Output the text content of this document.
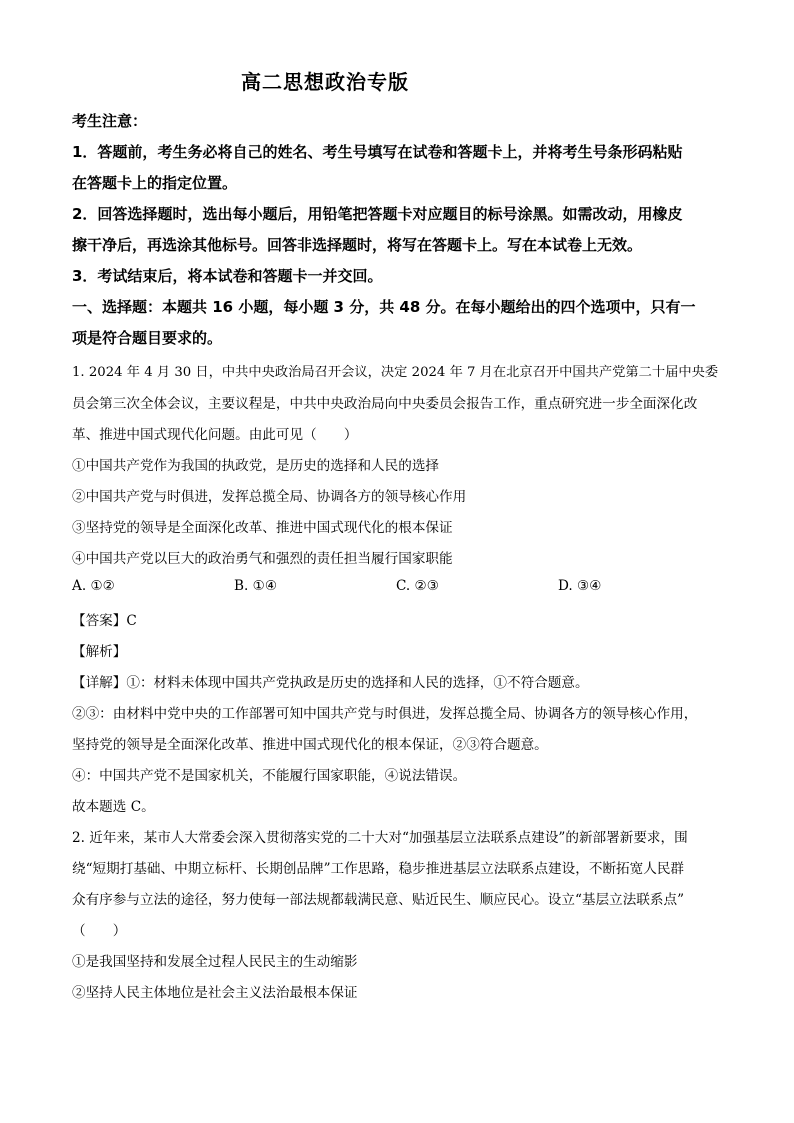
高二思想政治专版
考生注意：
1．答题前，考生务必将自己的姓名、考生号填写在试卷和答题卡上，并将考生号条形码粘贴
在答题卡上的指定位置。
2．回答选择题时，选出每小题后，用铅笔把答题卡对应题目的标号涂黑。如需改动，用橡皮
擦干净后，再选涂其他标号。回答非选择题时，将写在答题卡上。写在本试卷上无效。
3．考试结束后，将本试卷和答题卡一并交回。
一、选择题：本题共 16 小题，每小题 3 分，共 48 分。在每小题给出的四个选项中，只有一
项是符合题目要求的。
1. 2024 年 4 月 30 日，中共中央政治局召开会议，决定 2024 年 7 月在北京召开中国共产党第二十届中央委
员会第三次全体会议，主要议程是，中共中央政治局向中央委员会报告工作，重点研究进一步全面深化改
革、推进中国式现代化问题。由此可见（　　）
①中国共产党作为我国的执政党，是历史的选择和人民的选择
②中国共产党与时俱进，发挥总揽全局、协调各方的领导核心作用
③坚持党的领导是全面深化改革、推进中国式现代化的根本保证
④中国共产党以巨大的政治勇气和强烈的责任担当履行国家职能
A. ①②	B. ①④	C. ②③	D. ③④
【答案】C
【解析】
【详解】①：材料未体现中国共产党执政是历史的选择和人民的选择，①不符合题意。
②③：由材料中党中央的工作部署可知中国共产党与时俱进，发挥总揽全局、协调各方的领导核心作用，
坚持党的领导是全面深化改革、推进中国式现代化的根本保证，②③符合题意。
④：中国共产党不是国家机关，不能履行国家职能，④说法错误。
故本题选 C。
2. 近年来，某市人大常委会深入贯彻落实党的二十大对“加强基层立法联系点建设”的新部署新要求，围
绕“短期打基础、中期立标杆、长期创品牌”工作思路，稳步推进基层立法联系点建设，不断拓宽人民群
众有序参与立法的途径，努力使每一部法规都载满民意、贴近民生、顺应民心。设立“基层立法联系点”
（　　）
①是我国坚持和发展全过程人民民主的生动缩影
②坚持人民主体地位是社会主义法治最根本保证
